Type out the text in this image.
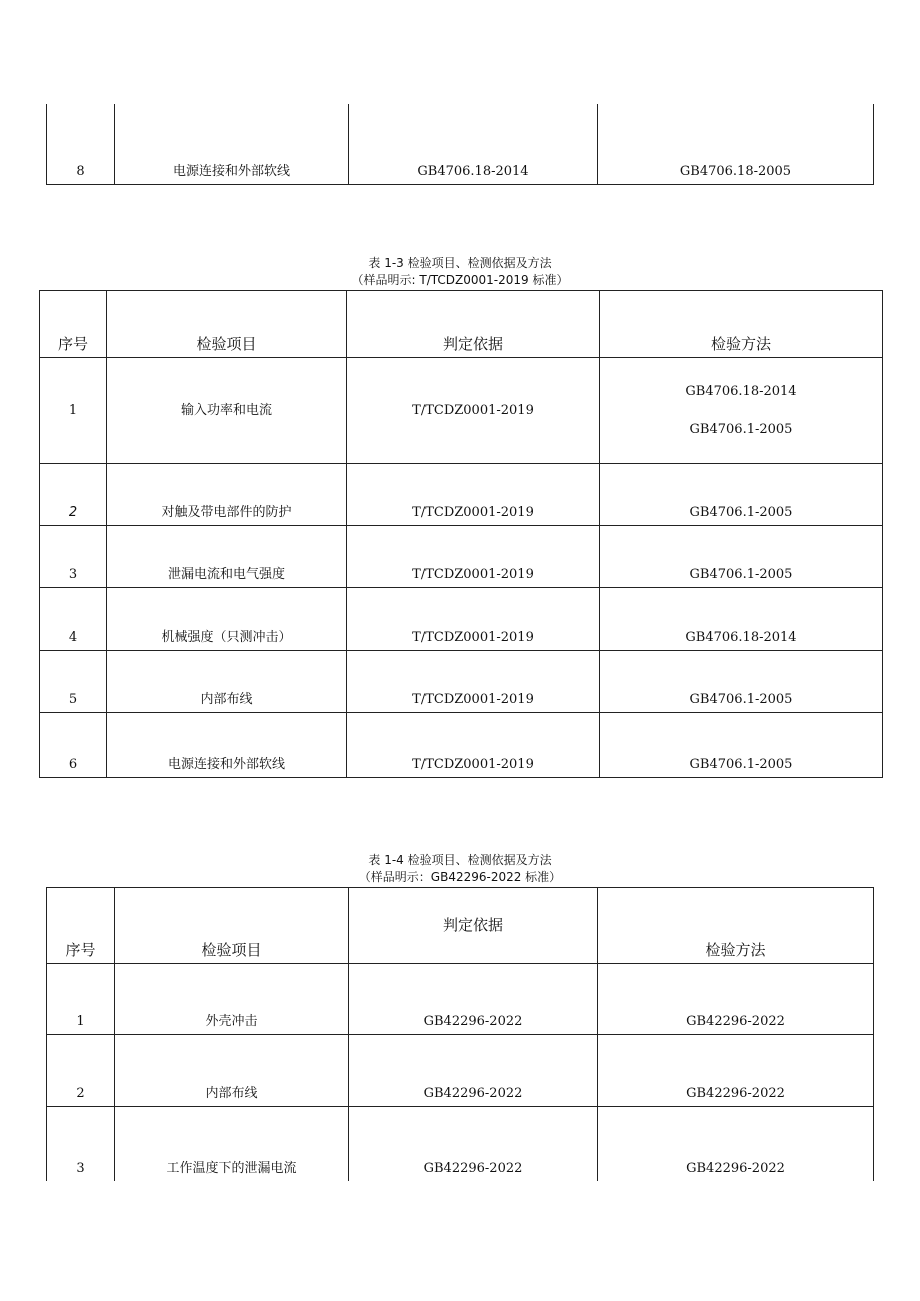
8	电源连接和外部软线	GB4706.18-2014	GB4706.18-2005
表 1-3 检验项目、检测依据及方法
（样品明示: T/TCDZ0001-2019 标准）
序号	检验项目	判定依据	检验方法
1	输入功率和电流	T/TCDZ0001-2019	GB4706.18-2014
GB4706.1-2005

2	对触及带电部件的防护	T/TCDZ0001-2019	GB4706.1-2005
3	泄漏电流和电气强度	T/TCDZ0001-2019	GB4706.1-2005
4	机械强度（只测冲击）	T/TCDZ0001-2019	GB4706.18-2014
5	内部布线	T/TCDZ0001-2019	GB4706.1-2005
6	电源连接和外部软线	T/TCDZ0001-2019	GB4706.1-2005
表 1-4 检验项目、检测依据及方法
（样品明示：GB42296-2022 标准）
序号	检验项目	判定依据	检验方法
1	外壳冲击	GB42296-2022	GB42296-2022
2	内部布线	GB42296-2022	GB42296-2022
3	工作温度下的泄漏电流	GB42296-2022	GB42296-2022
